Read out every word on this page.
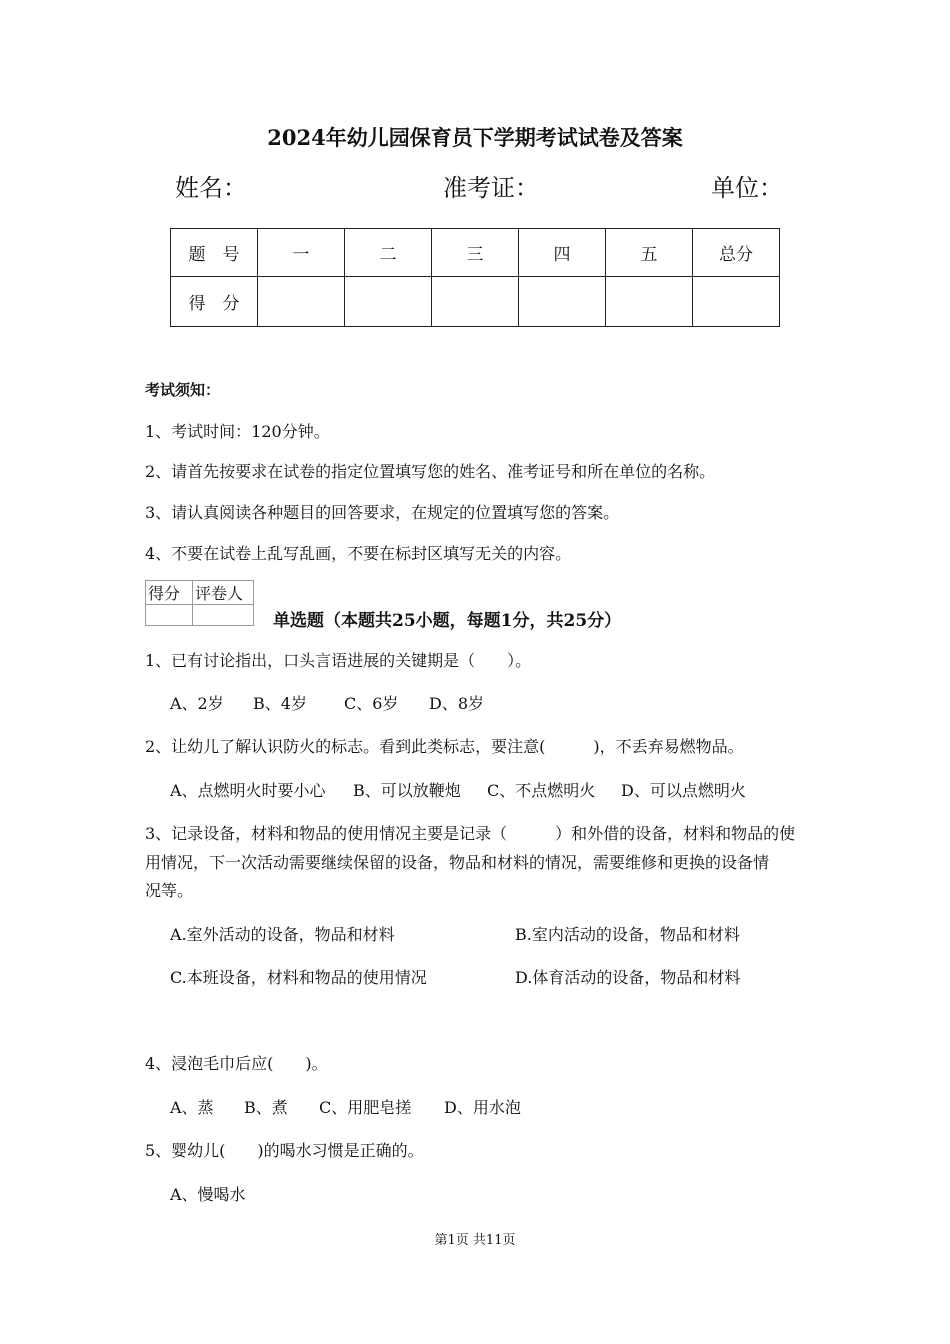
2024年幼儿园保育员下学期考试试卷及答案
姓名：	准考证：	单位：
题　号	一	二	三	四	五	总分
得　分						
考试须知：
1、考试时间：120分钟。
2、请首先按要求在试卷的指定位置填写您的姓名、准考证号和所在单位的名称。
3、请认真阅读各种题目的回答要求，在规定的位置填写您的答案。
4、不要在试卷上乱写乱画，不要在标封区填写无关的内容。
得分	评卷人

单选题（本题共25小题，每题1分，共25分）
1、已有讨论指出，口头言语进展的关键期是（　　）。
A、2岁 B、4岁 C、6岁 D、8岁
2、让幼儿了解认识防火的标志。看到此类标志，要注意(　　　)，不丢弃易燃物品。
A、点燃明火时要小心 B、可以放鞭炮 C、不点燃明火 D、可以点燃明火
3、记录设备，材料和物品的使用情况主要是记录（　　　）和外借的设备，材料和物品的使
用情况，下一次活动需要继续保留的设备，物品和材料的情况，需要维修和更换的设备情
况等。
A.室外活动的设备，物品和材料	B.室内活动的设备，物品和材料
C.本班设备，材料和物品的使用情况	D.体育活动的设备，物品和材料
4、浸泡毛巾后应(　　)。
A、蒸 B、煮 C、用肥皂搓 D、用水泡
5、婴幼儿(　　)的喝水习惯是正确的。
A、慢喝水
第1页 共11页
